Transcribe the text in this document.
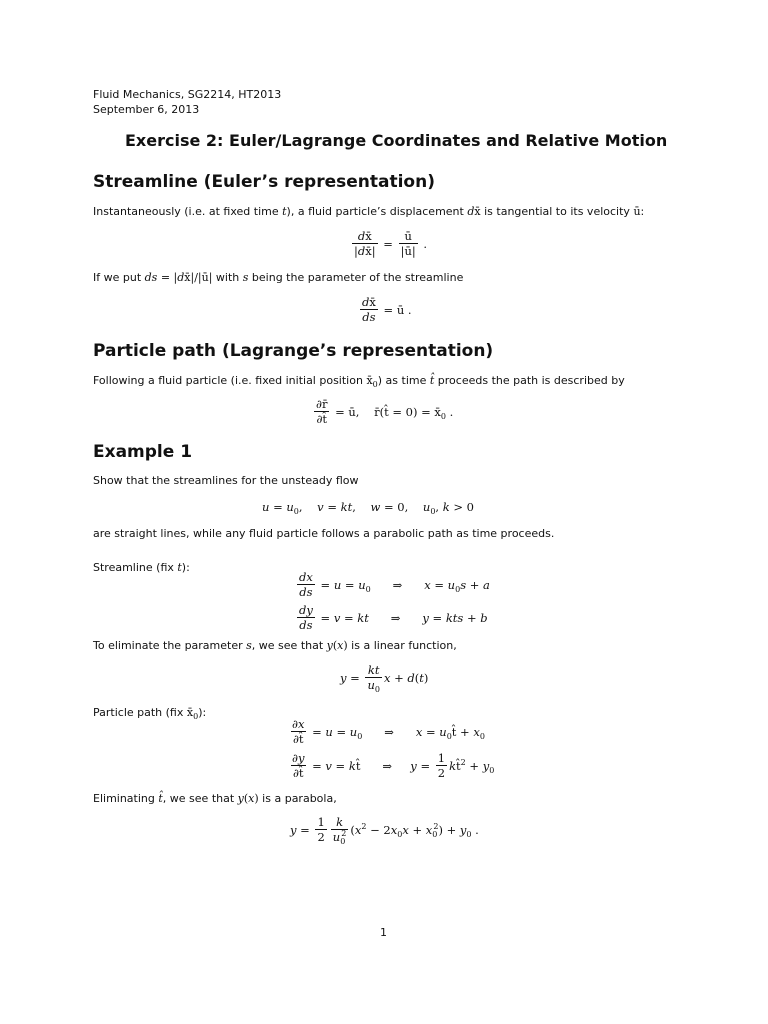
Fluid Mechanics, SG2214, HT2013
September 6, 2013
Exercise 2: Euler/Lagrange Coordinates and Relative Motion
Streamline (Euler’s representation)
Instantaneously (i.e. at fixed time t), a fluid particle’s displacement dx̄ is tangential to its velocity ū:
$\frac{dx̄}{|dx̄|} = \frac{ū}{|ū|}$ .
If we put ds = |dx̄|/|ū| with s being the parameter of the streamline
$\frac{dx̄}{ds}$ = ū .
Particle path (Lagrange’s representation)
Following a fluid particle (i.e. fixed initial position $x̄_0$) as time t̂ proceeds the path is described by
$\frac{\partial r̄}{\partial t̂}$ = ū,    r̄(t̂ = $0) = x̄_0$ .
Example 1
Show that the streamlines for the unsteady flow
$u = u_0$,    v = kt,    w = 0,    $u_0$, k > 0
are straight lines, while any fluid particle follows a parabolic path as time proceeds.
Streamline (fix t):
$\frac{dx}{ds} = u = u_0$      ⇒      $x = u_0s + a$
$\frac{dy}{ds} = v$ = kt      ⇒      y = kts + b
To eliminate the parameter s, we see that y(x) is a linear function,
$y = \frac{kt}{u_0}$ x + d(t)
Particle path (fix $x̄_0$):
$\frac{\partial x}{\partial t̂} = u = u_0$      ⇒      $x = u_0t̂ + x_0$
$\frac{\partial y}{\partial t̂} = v$ = kt̂      ⇒     $y = \frac{1}{2}$ kt̂$^2$ + $y_0$
Eliminating t̂, we see that y(x) is a parabola,
$y = \frac{1}{2} \frac{k}{u_0^2} (x^2 - 2x_0x + x_0^2) + y_0$ .
1
